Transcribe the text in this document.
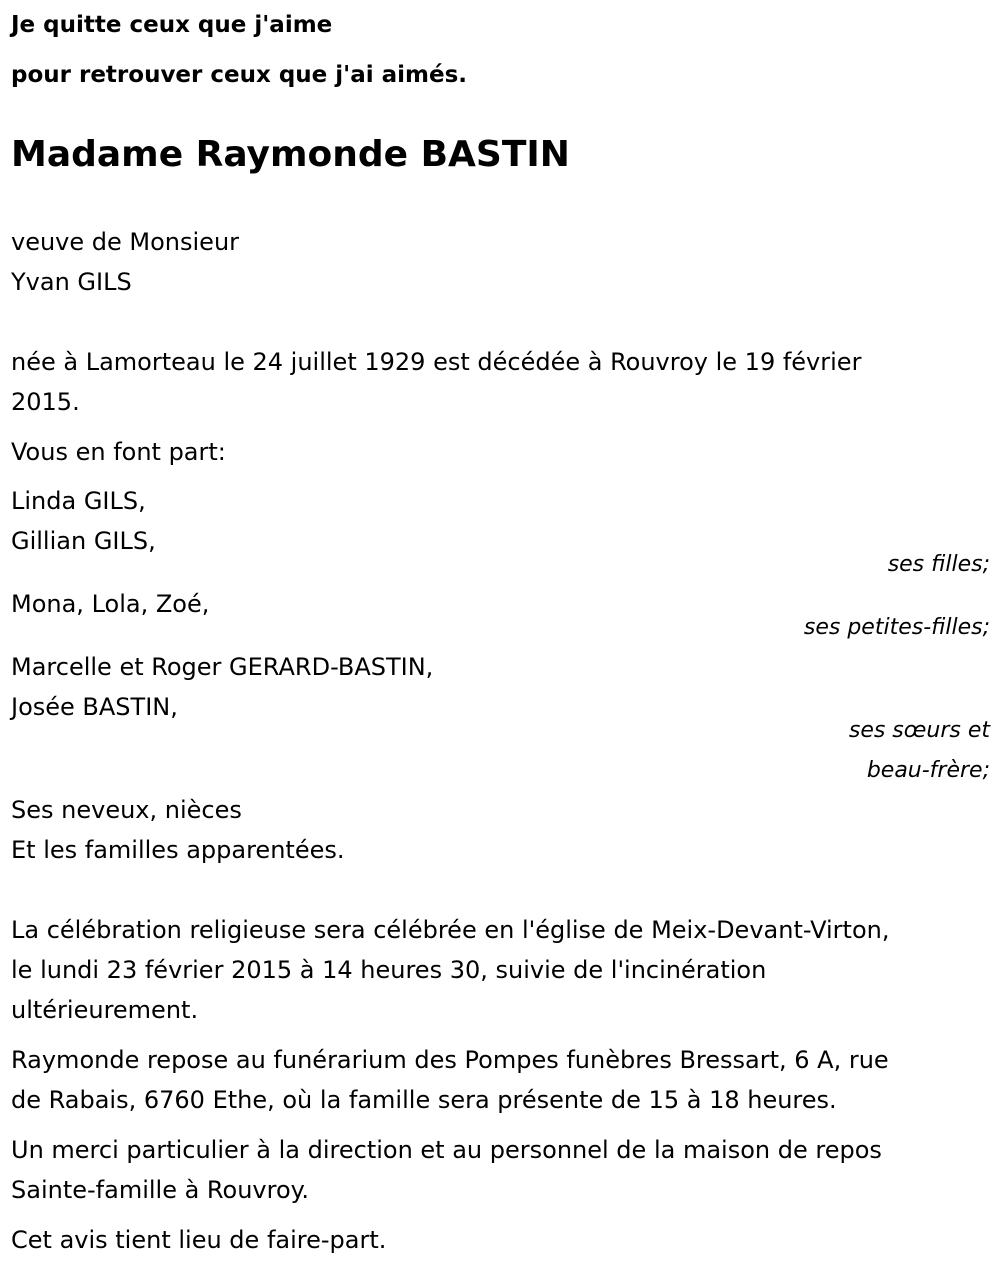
Je quitte ceux que j'aime

pour retrouver ceux que j'ai aimés.

Madame Raymonde BASTIN

veuve de Monsieur

Yvan GILS

née à Lamorteau le 24 juillet 1929 est décédée à Rouvroy le 19 février

2015.

Vous en font part:

Linda GILS,

Gillian GILS,

ses filles;

Mona, Lola, Zoé,

ses petites-filles;

Marcelle et Roger GERARD-BASTIN,

Josée BASTIN,

ses sœurs et
beau-frère;

Ses neveux, nièces

Et les familles apparentées.

La célébration religieuse sera célébrée en l'église de Meix-Devant-Virton,

le lundi 23 février 2015 à 14 heures 30, suivie de l'incinération

ultérieurement.

Raymonde repose au funérarium des Pompes funèbres Bressart, 6 A, rue

de Rabais, 6760 Ethe, où la famille sera présente de 15 à 18 heures.

Un merci particulier à la direction et au personnel de la maison de repos

Sainte-famille à Rouvroy.

Cet avis tient lieu de faire-part.
